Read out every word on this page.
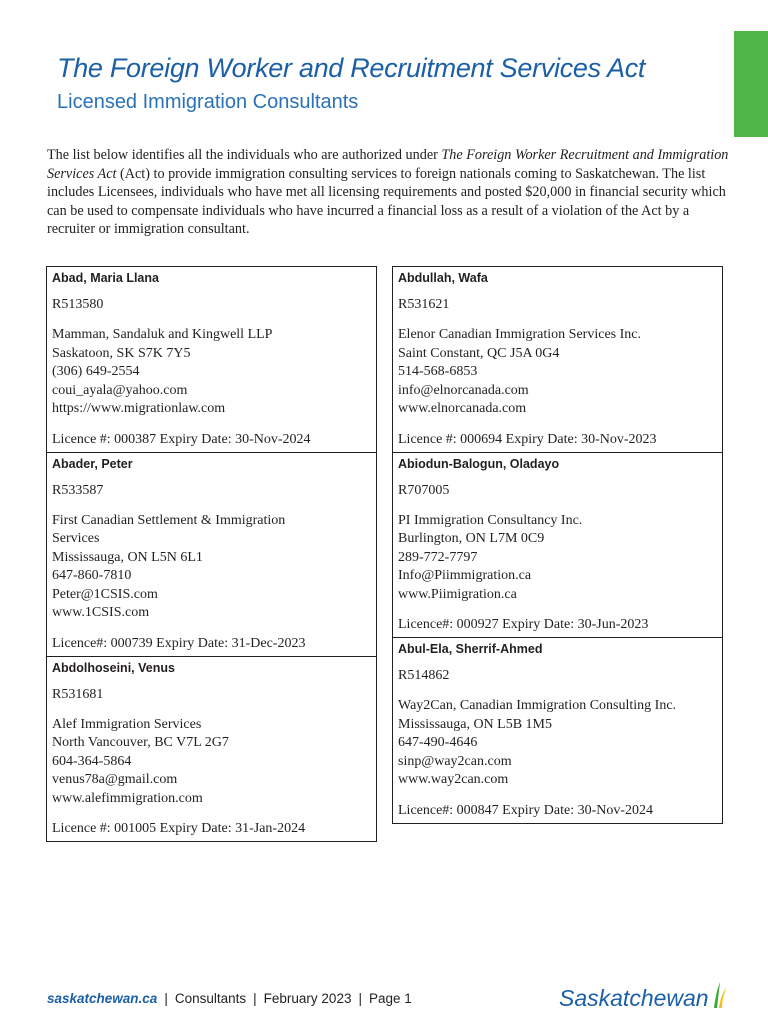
The Foreign Worker and Recruitment Services Act
Licensed Immigration Consultants
The list below identifies all the individuals who are authorized under The Foreign Worker Recruitment and Immigration Services Act (Act) to provide immigration consulting services to foreign nationals coming to Saskatchewan. The list includes Licensees, individuals who have met all licensing requirements and posted $20,000 in financial security which can be used to compensate individuals who have incurred a financial loss as a result of a violation of the Act by a recruiter or immigration consultant.
Abad, Maria Llana
R513580
Mamman, Sandaluk and Kingwell LLP
Saskatoon, SK S7K 7Y5
(306) 649-2554
coui_ayala@yahoo.com
https://www.migrationlaw.com
Licence #: 000387 Expiry Date: 30-Nov-2024
Abader, Peter
R533587
First Canadian Settlement & Immigration
Services
Mississauga, ON L5N 6L1
647-860-7810
Peter@1CSIS.com
www.1CSIS.com
Licence#: 000739 Expiry Date: 31-Dec-2023
Abdolhoseini, Venus
R531681
Alef Immigration Services
North Vancouver, BC V7L 2G7
604-364-5864
venus78a@gmail.com
www.alefimmigration.com
Licence #: 001005 Expiry Date: 31-Jan-2024
Abdullah, Wafa
R531621
Elenor Canadian Immigration Services Inc.
Saint Constant, QC J5A 0G4
514-568-6853
info@elnorcanada.com
www.elnorcanada.com
Licence #: 000694 Expiry Date: 30-Nov-2023
Abiodun-Balogun, Oladayo
R707005
PI Immigration Consultancy Inc.
Burlington, ON L7M 0C9
289-772-7797
Info@Piimmigration.ca
www.Piimigration.ca
Licence#: 000927 Expiry Date: 30-Jun-2023
Abul-Ela, Sherrif-Ahmed
R514862
Way2Can, Canadian Immigration Consulting Inc.
Mississauga, ON L5B 1M5
647-490-4646
sinp@way2can.com
www.way2can.com
Licence#: 000847 Expiry Date: 30-Nov-2024
saskatchewan.ca | Consultants | February 2023 | Page 1	Saskatchewan
